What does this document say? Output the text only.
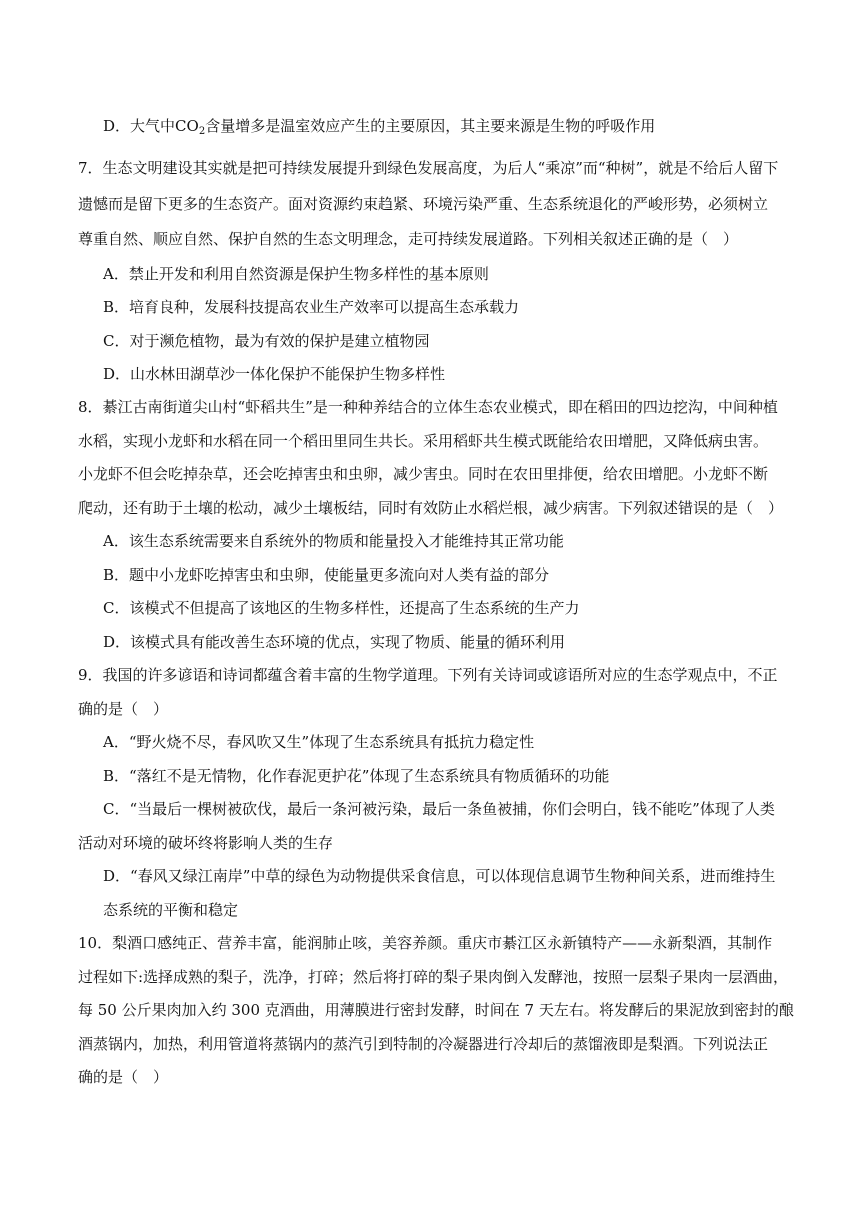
D．大气中$CO_2$含量增多是温室效应产生的主要原因，其主要来源是生物的呼吸作用
7．生态文明建设其实就是把可持续发展提升到绿色发展高度，为后人“乘凉”而“种树”，就是不给后人留下
遗憾而是留下更多的生态资产。面对资源约束趋紧、环境污染严重、生态系统退化的严峻形势，必须树立
尊重自然、顺应自然、保护自然的生态文明理念，走可持续发展道路。下列相关叙述正确的是（　）
A．禁止开发和利用自然资源是保护生物多样性的基本原则
B．培育良种，发展科技提高农业生产效率可以提高生态承载力
C．对于濒危植物，最为有效的保护是建立植物园
D．山水林田湖草沙一体化保护不能保护生物多样性
8．綦江古南街道尖山村“虾稻共生”是一种种养结合的立体生态农业模式，即在稻田的四边挖沟，中间种植
水稻，实现小龙虾和水稻在同一个稻田里同生共长。采用稻虾共生模式既能给农田增肥，又降低病虫害。
小龙虾不但会吃掉杂草，还会吃掉害虫和虫卵，减少害虫。同时在农田里排便，给农田增肥。小龙虾不断
爬动，还有助于土壤的松动，减少土壤板结，同时有效防止水稻烂根，减少病害。下列叙述错误的是（　）
A．该生态系统需要来自系统外的物质和能量投入才能维持其正常功能
B．题中小龙虾吃掉害虫和虫卵，使能量更多流向对人类有益的部分
C．该模式不但提高了该地区的生物多样性，还提高了生态系统的生产力
D．该模式具有能改善生态环境的优点，实现了物质、能量的循环利用
9．我国的许多谚语和诗词都蕴含着丰富的生物学道理。下列有关诗词或谚语所对应的生态学观点中，不正
确的是（　）
A．“野火烧不尽，春风吹又生”体现了生态系统具有抵抗力稳定性
B．“落红不是无情物，化作春泥更护花”体现了生态系统具有物质循环的功能
C．“当最后一棵树被砍伐，最后一条河被污染，最后一条鱼被捕，你们会明白，钱不能吃”体现了人类
活动对环境的破坏终将影响人类的生存
D．“春风又绿江南岸”中草的绿色为动物提供采食信息，可以体现信息调节生物种间关系，进而维持生
态系统的平衡和稳定
10．梨酒口感纯正、营养丰富，能润肺止咳，美容养颜。重庆市綦江区永新镇特产——永新梨酒，其制作
过程如下:选择成熟的梨子，洗净，打碎；然后将打碎的梨子果肉倒入发酵池，按照一层梨子果肉一层酒曲，
每 50 公斤果肉加入约 300 克酒曲，用薄膜进行密封发酵，时间在 7 天左右。将发酵后的果泥放到密封的酿
酒蒸锅内，加热，利用管道将蒸锅内的蒸汽引到特制的冷凝器进行冷却后的蒸馏液即是梨酒。下列说法正
确的是（　）
